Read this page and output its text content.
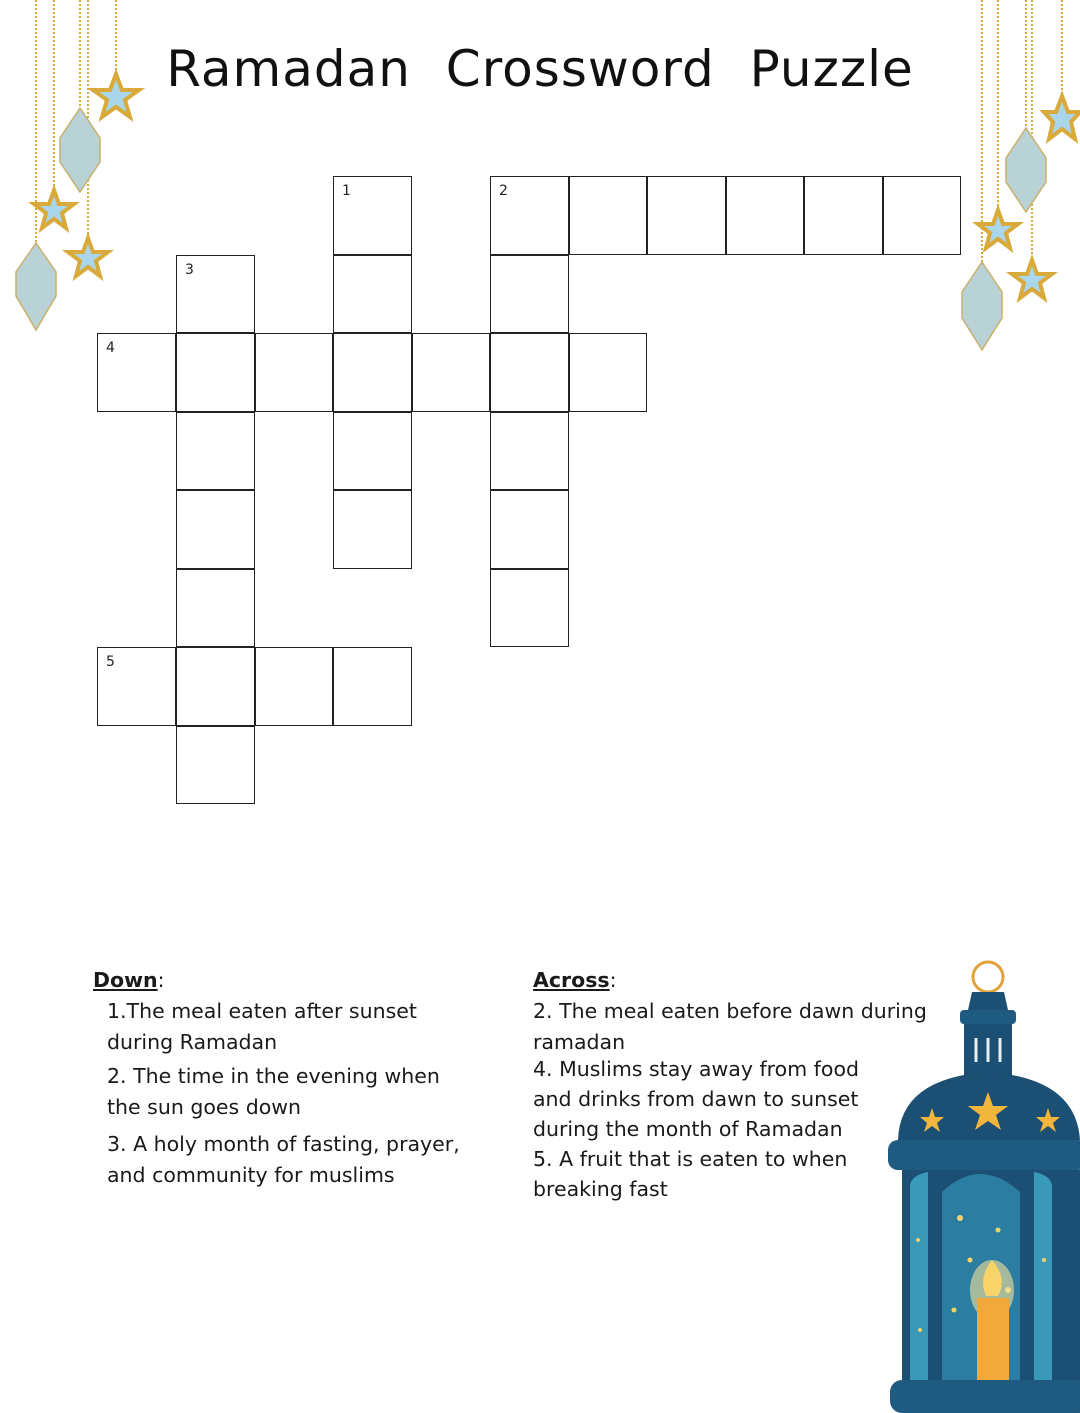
Ramadan Crossword Puzzle
2
1
3
4
5
Down:

1.The meal eaten after sunset during Ramadan

2. The time in the evening when the sun goes down

3. A holy month of fasting, prayer, and community for muslims

Across:

2. The meal eaten before dawn during ramadan

4. Muslims stay away from food and drinks from dawn to sunset during the month of Ramadan

5. A fruit that is eaten to when breaking fast
